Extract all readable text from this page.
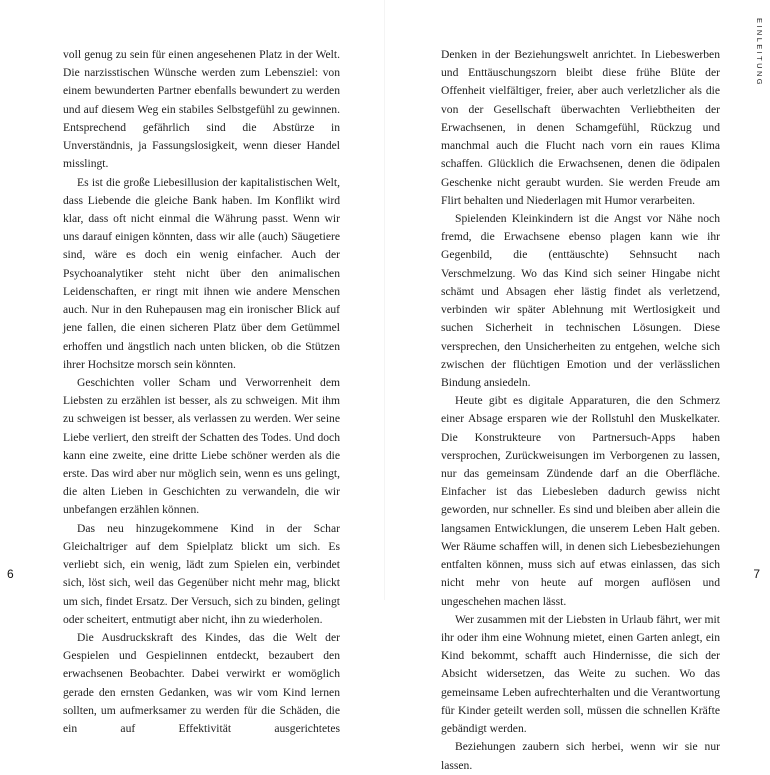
voll genug zu sein für einen angesehenen Platz in der Welt. Die narzisstischen Wünsche werden zum Lebensziel: von einem bewunderten Partner ebenfalls bewundert zu werden und auf diesem Weg ein stabiles Selbstgefühl zu gewinnen. Entsprechend gefährlich sind die Abstürze in Unverständnis, ja Fassungslosigkeit, wenn dieser Handel misslingt.

Es ist die große Liebesillusion der kapitalistischen Welt, dass Liebende die gleiche Bank haben. Im Konflikt wird klar, dass oft nicht einmal die Währung passt. Wenn wir uns darauf einigen könnten, dass wir alle (auch) Säugetiere sind, wäre es doch ein wenig einfacher. Auch der Psychoanalytiker steht nicht über den animalischen Leidenschaften, er ringt mit ihnen wie andere Menschen auch. Nur in den Ruhepausen mag ein ironischer Blick auf jene fallen, die einen sicheren Platz über dem Getümmel erhoffen und ängstlich nach unten blicken, ob die Stützen ihrer Hochsitze morsch sein könnten.

Geschichten voller Scham und Verworrenheit dem Liebsten zu erzählen ist besser, als zu schweigen. Mit ihm zu schweigen ist besser, als verlassen zu werden. Wer seine Liebe verliert, den streift der Schatten des Todes. Und doch kann eine zweite, eine dritte Liebe schöner werden als die erste. Das wird aber nur möglich sein, wenn es uns gelingt, die alten Lieben in Geschichten zu verwandeln, die wir unbefangen erzählen können.

Das neu hinzugekommene Kind in der Schar Gleichaltriger auf dem Spielplatz blickt um sich. Es verliebt sich, ein wenig, lädt zum Spielen ein, verbindet sich, löst sich, weil das Gegenüber nicht mehr mag, blickt um sich, findet Ersatz. Der Versuch, sich zu binden, gelingt oder scheitert, entmutigt aber nicht, ihn zu wiederholen.

Die Ausdruckskraft des Kindes, das die Welt der Gespielen und Gespielinnen entdeckt, bezaubert den erwachsenen Beobachter. Dabei verwirkt er womöglich gerade den ernsten Gedanken, was wir vom Kind lernen sollten, um aufmerksamer zu werden für die Schäden, die ein auf Effektivität ausgerichtetes

6
EINLEITUNG

Denken in der Beziehungswelt anrichtet. In Liebeswerben und Enttäuschungszorn bleibt diese frühe Blüte der Offenheit vielfältiger, freier, aber auch verletzlicher als die von der Gesellschaft überwachten Verliebtheiten der Erwachsenen, in denen Schamgefühl, Rückzug und manchmal auch die Flucht nach vorn ein raues Klima schaffen. Glücklich die Erwachsenen, denen die ödipalen Geschenke nicht geraubt wurden. Sie werden Freude am Flirt behalten und Niederlagen mit Humor verarbeiten.

Spielenden Kleinkindern ist die Angst vor Nähe noch fremd, die Erwachsene ebenso plagen kann wie ihr Gegenbild, die (enttäuschte) Sehnsucht nach Verschmelzung. Wo das Kind sich seiner Hingabe nicht schämt und Absagen eher lästig findet als verletzend, verbinden wir später Ablehnung mit Wertlosigkeit und suchen Sicherheit in technischen Lösungen. Diese versprechen, den Unsicherheiten zu entgehen, welche sich zwischen der flüchtigen Emotion und der verlässlichen Bindung ansiedeln.

Heute gibt es digitale Apparaturen, die den Schmerz einer Absage ersparen wie der Rollstuhl den Muskelkater. Die Konstrukteure von Partnersuch-Apps haben versprochen, Zurückweisungen im Verborgenen zu lassen, nur das gemeinsam Zündende darf an die Oberfläche. Einfacher ist das Liebesleben dadurch gewiss nicht geworden, nur schneller. Es sind und bleiben aber allein die langsamen Entwicklungen, die unserem Leben Halt geben. Wer Räume schaffen will, in denen sich Liebesbeziehungen entfalten können, muss sich auf etwas einlassen, das sich nicht mehr von heute auf morgen auflösen und ungeschehen machen lässt.

Wer zusammen mit der Liebsten in Urlaub fährt, wer mit ihr oder ihm eine Wohnung mietet, einen Garten anlegt, ein Kind bekommt, schafft auch Hindernisse, die sich der Absicht widersetzen, das Weite zu suchen. Wo das gemeinsame Leben aufrechterhalten und die Verantwortung für Kinder geteilt werden soll, müssen die schnellen Kräfte gebändigt werden.

Beziehungen zaubern sich herbei, wenn wir sie nur lassen.

7
